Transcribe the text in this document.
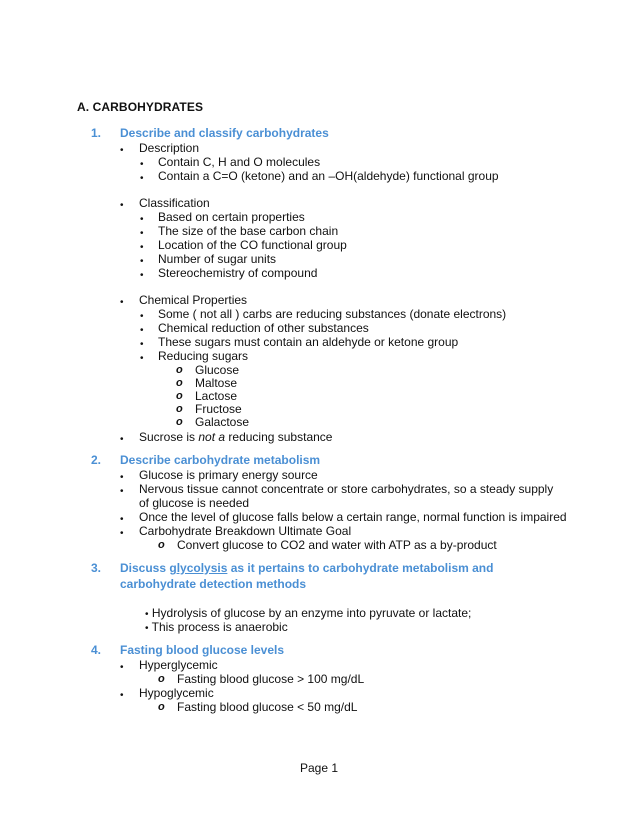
A. CARBOHYDRATES
1. Describe and classify carbohydrates
• Description
• Contain C, H and O molecules
• Contain a C=O (ketone) and an –OH(aldehyde) functional group
• Classification
• Based on certain properties
• The size of the base carbon chain
• Location of the CO functional group
• Number of sugar units
• Stereochemistry of compound
• Chemical Properties
• Some ( not all ) carbs are reducing substances (donate electrons)
• Chemical reduction of other substances
• These sugars must contain an aldehyde or ketone group
• Reducing sugars
o Glucose
o Maltose
o Lactose
o Fructose
o Galactose
• Sucrose is not a reducing substance
2. Describe carbohydrate metabolism
• Glucose is primary energy source
• Nervous tissue cannot concentrate or store carbohydrates, so a steady supply of glucose is needed
• Once the level of glucose falls below a certain range, normal function is impaired
• Carbohydrate Breakdown Ultimate Goal
o Convert glucose to CO2 and water with ATP as a by-product
3. Discuss glycolysis as it pertains to carbohydrate metabolism and carbohydrate detection methods
• Hydrolysis of glucose by an enzyme into pyruvate or lactate;
• This process is anaerobic
4. Fasting blood glucose levels
• Hyperglycemic
o Fasting blood glucose > 100 mg/dL
• Hypoglycemic
o Fasting blood glucose < 50 mg/dL
Page 1
